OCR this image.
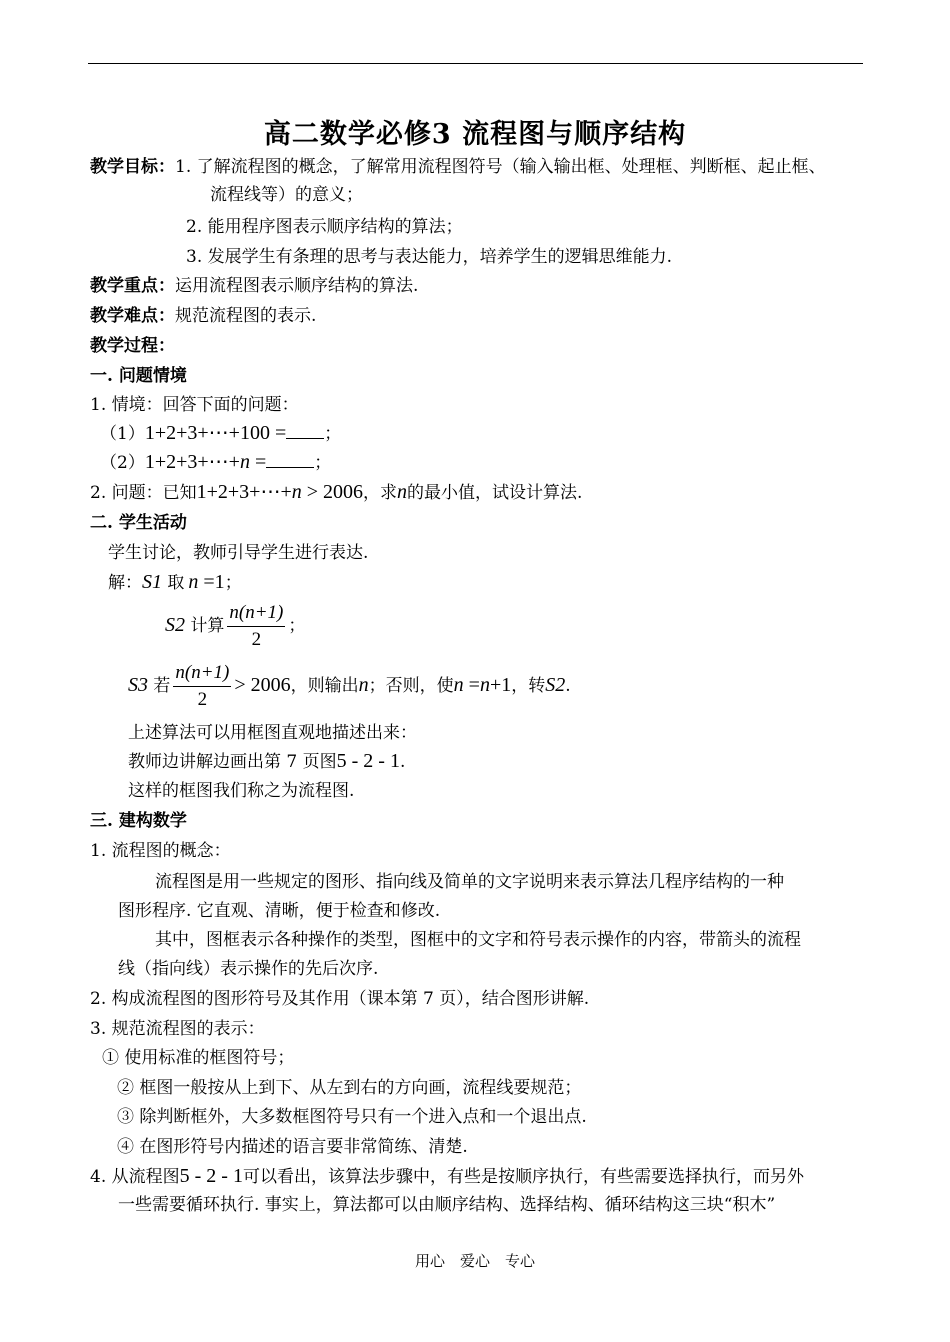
高二数学必修3 流程图与顺序结构
教学目标：1. 了解流程图的概念，了解常用流程图符号（输入输出框、处理框、判断框、起止框、
流程线等）的意义；
2. 能用程序图表示顺序结构的算法；
3. 发展学生有条理的思考与表达能力，培养学生的逻辑思维能力.
教学重点：运用流程图表示顺序结构的算法.
教学难点：规范流程图的表示.
教学过程：
一. 问题情境
1. 情境：回答下面的问题：
（1）1+2+3+⋯+100 = ；
（2）1+2+3+⋯+n =	；
2. 问题：已知1+2+3+⋯+n > 2006，求n的最小值，试设计算法.
二. 学生活动
学生讨论，教师引导学生进行表达.
解：S1 取 n =1；
S2 计算 $\frac{n(n+1)}{2}$ ；
S3 若 $\frac{n(n+1)}{2} > 2006$，则输出n；否则，使n =n+1，转S2.
上述算法可以用框图直观地描述出来：
教师边讲解边画出第 7 页图5 - 2 - 1.
这样的框图我们称之为流程图.
三. 建构数学
1. 流程图的概念：
流程图是用一些规定的图形、指向线及简单的文字说明来表示算法几程序结构的一种
图形程序. 它直观、清晰，便于检查和修改.
其中，图框表示各种操作的类型，图框中的文字和符号表示操作的内容，带箭头的流程
线（指向线）表示操作的先后次序.
2. 构成流程图的图形符号及其作用（课本第 7 页），结合图形讲解.
3. 规范流程图的表示：
① 使用标准的框图符号；
② 框图一般按从上到下、从左到右的方向画，流程线要规范；
③ 除判断框外，大多数框图符号只有一个进入点和一个退出点.
④ 在图形符号内描述的语言要非常简练、清楚.
4. 从流程图5 - 2 - 1可以看出，该算法步骤中，有些是按顺序执行，有些需要选择执行，而另外
一些需要循环执行. 事实上，算法都可以由顺序结构、选择结构、循环结构这三块“积木”
用心　爱心　专心
